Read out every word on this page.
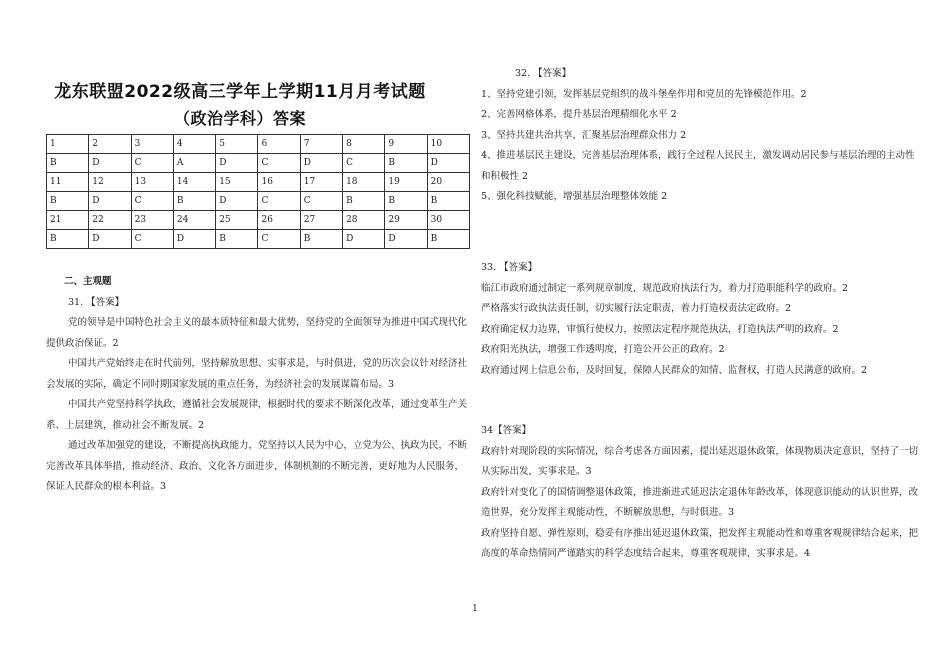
龙东联盟2022级高三学年上学期11月月考试题
（政治学科）答案
1	2	3	4	5	6	7	8	9	10
B	D	C	A	D	C	D	C	B	D
11	12	13	14	15	16	17	18	19	20
B	D	C	B	D	C	C	B	B	B
21	22	23	24	25	26	27	28	29	30
B	D	C	D	B	C	B	D	D	B

二、主观题

31. 【答案】

党的领导是中国特色社会主义的最本质特征和最大优势，坚持党的全面领导为推进中国式现代化提供政治保证。2

中国共产党始终走在时代前列，坚持解放思想、实事求是，与时俱进，党的历次会议针对经济社会发展的实际，确定不同时期国家发展的重点任务，为经济社会的发展谋篇布局。3

中国共产党坚持科学执政，遵循社会发展规律，根据时代的要求不断深化改革，通过变革生产关系、上层建筑，推动社会不断发展。2

通过改革加强党的建设，不断提高执政能力，党坚持以人民为中心，立党为公、执政为民，不断完善改革具体举措，推动经济、政治、文化各方面进步，体制机制的不断完善，更好地为人民服务，保证人民群众的根本利益。3

32. 【答案】

1、坚持党建引领，发挥基层党组织的战斗堡垒作用和党员的先锋模范作用。2

2、完善网格体系，提升基层治理精细化水平 2

3、坚持共建共治共享，汇聚基层治理群众伟力 2

4、推进基层民主建设，完善基层治理体系，践行全过程人民民主，激发调动居民参与基层治理的主动性和积极性 2

5、强化科技赋能，增强基层治理整体效能 2

33. 【答案】

临江市政府通过制定一系列规章制度，规范政府执法行为，着力打造职能科学的政府。2

严格落实行政执法责任制，切实履行法定职责，着力打造权责法定政府。2

政府确定权力边界，审慎行使权力，按照法定程序规范执法，打造执法严明的政府。2

政府阳光执法，增强工作透明度，打造公开公正的政府。2

政府通过网上信息公布，及时回复，保障人民群众的知情、监督权，打造人民满意的政府。2

34【答案】

政府针对现阶段的实际情况，综合考虑各方面因素，提出延迟退休政策，体现物质决定意识，坚持了一切从实际出发，实事求是。3

政府针对变化了的国情调整退休政策，推进渐进式延迟法定退休年龄改革，体现意识能动的认识世界，改造世界，充分发挥主观能动性，不断解放思想，与时俱进。3

政府坚持自愿、弹性原则，稳妥有序推出延迟退休政策，把发挥主观能动性和尊重客观规律结合起来，把高度的革命热情同严谨踏实的科学态度结合起来，尊重客观规律，实事求是。4

1
